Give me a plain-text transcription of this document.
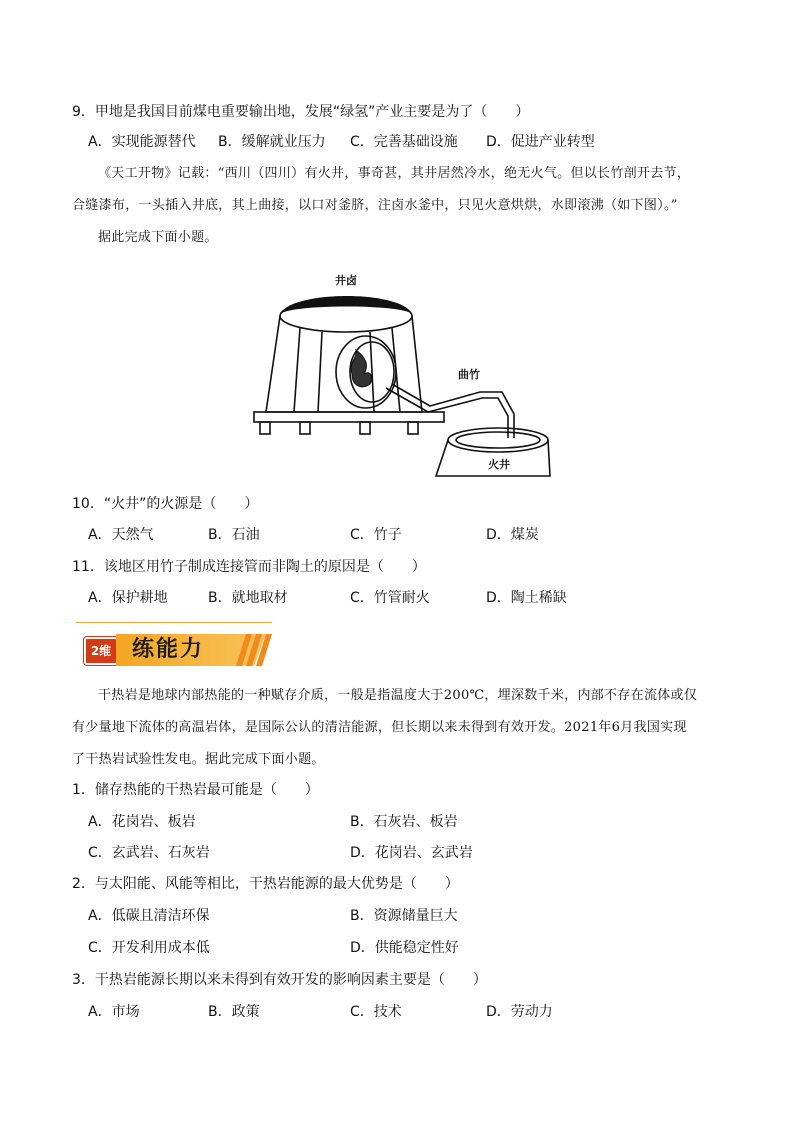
9．甲地是我国目前煤电重要输出地，发展“绿氢”产业主要是为了（　　）
A．实现能源替代 B．缓解就业压力 C．完善基础设施 D．促进产业转型
《天工开物》记载：“西川（四川）有火井，事奇甚，其井居然冷水，绝无火气。但以长竹剖开去节，
合缝漆布，一头插入井底，其上曲接，以口对釜脐，注卤水釜中，只见火意烘烘，水即滚沸（如下图）。”
据此完成下面小题。
井卤
曲竹
火井
10．“火井”的火源是（　　）
A．天然气	B．石油	C．竹子	D．煤炭
11．该地区用竹子制成连接管而非陶土的原因是（　　）
A．保护耕地	B．就地取材	C．竹管耐火	D．陶土稀缺
2维 练能力
干热岩是地球内部热能的一种赋存介质，一般是指温度大于200℃，埋深数千米，内部不存在流体或仅
有少量地下流体的高温岩体，是国际公认的清洁能源，但长期以来未得到有效开发。2021年6月我国实现
了干热岩试验性发电。据此完成下面小题。
1．储存热能的干热岩最可能是（　　）
A．花岗岩、板岩	B．石灰岩、板岩
C．玄武岩、石灰岩	D．花岗岩、玄武岩
2．与太阳能、风能等相比，干热岩能源的最大优势是（　　）
A．低碳且清洁环保	B．资源储量巨大
C．开发利用成本低	D．供能稳定性好
3．干热岩能源长期以来未得到有效开发的影响因素主要是（　　）
A．市场	B．政策	C．技术	D．劳动力
